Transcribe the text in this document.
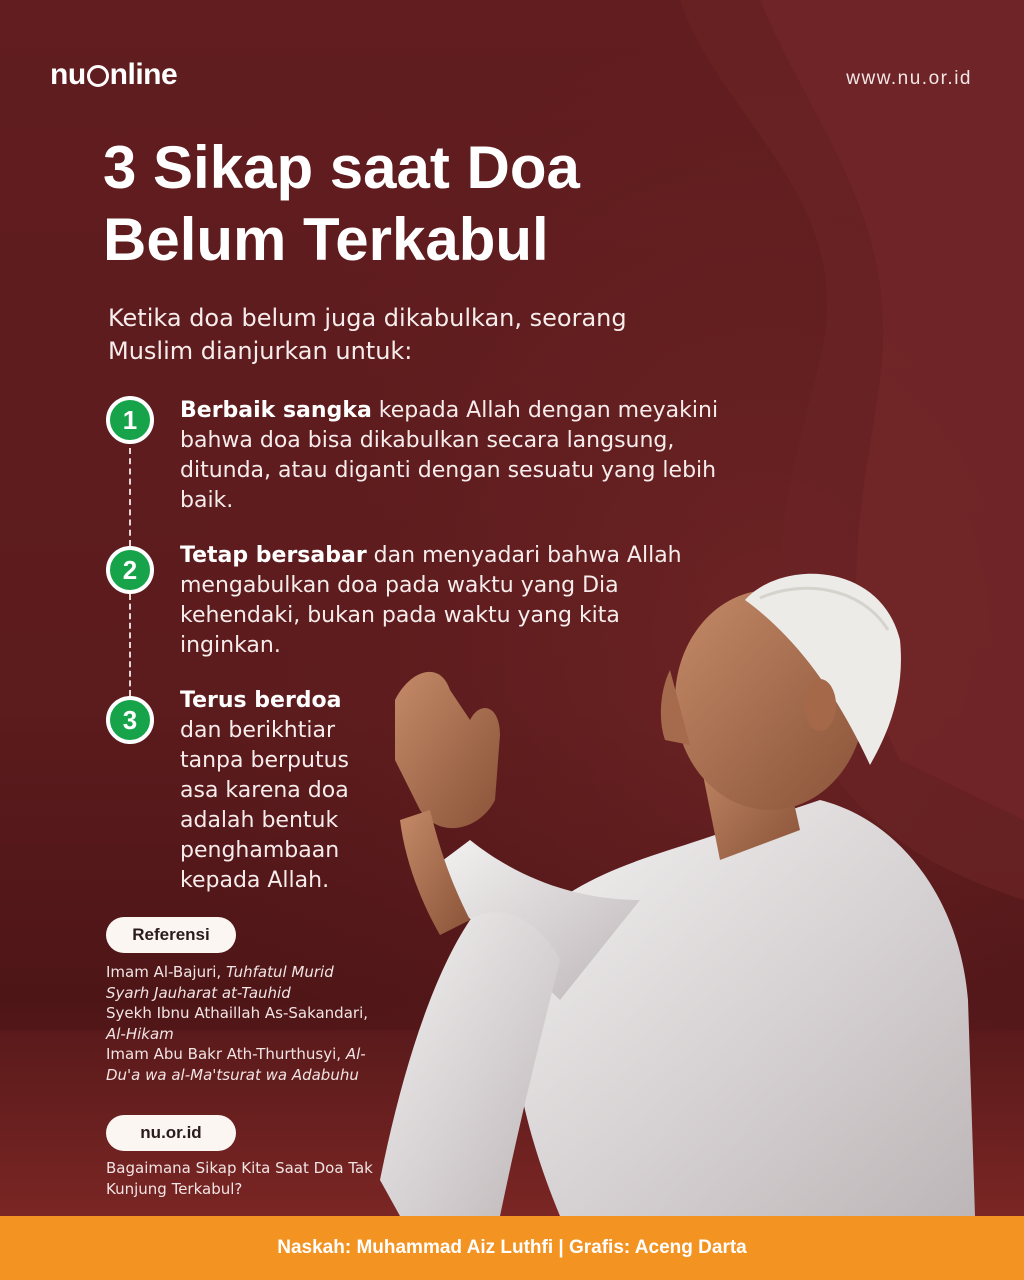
nu nline	www.nu.or.id
3 Sikap saat Doa
Belum Terkabul
Ketika doa belum juga dikabulkan, seorang Muslim dianjurkan untuk:
1	Berbaik sangka kepada Allah dengan meyakini bahwa doa bisa dikabulkan secara langsung, ditunda, atau diganti dengan sesuatu yang lebih baik.
2	Tetap bersabar dan menyadari bahwa Allah mengabulkan doa pada waktu yang Dia kehendaki, bukan pada waktu yang kita inginkan.
3
Terus berdoa dan berikhtiar tanpa berputus asa karena doa adalah bentuk penghambaan kepada Allah.
Referensi
Imam Al-Bajuri, Tuhfatul Murid Syarh Jauharat at-Tauhid
Syekh Ibnu Athaillah As-Sakandari, Al-Hikam
Imam Abu Bakr Ath-Thurthusyi, Al-Du'a wa al-Ma'tsurat wa Adabuhu
nu.or.id
Bagaimana Sikap Kita Saat Doa Tak Kunjung Terkabul?
Naskah: Muhammad Aiz Luthfi | Grafis: Aceng Darta
